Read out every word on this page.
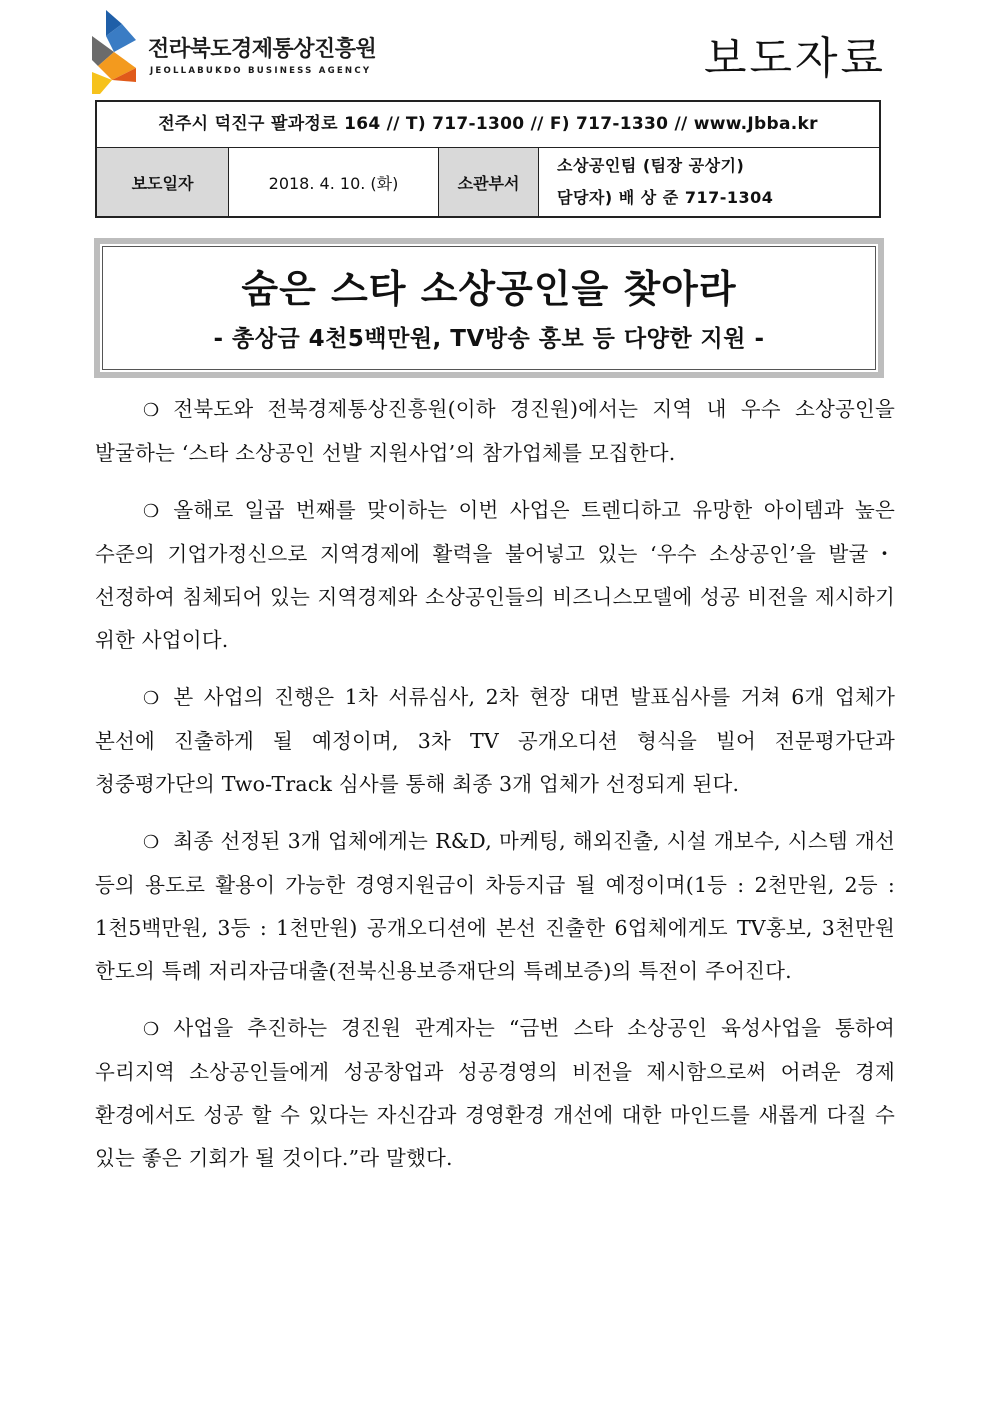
전라북도경제통상진흥원
JEOLLABUKDO BUSINESS AGENCY	보도자료
전주시 덕진구 팔과정로 164 // T) 717-1300 // F) 717-1330 // www.Jbba.kr
보도일자	2018. 4. 10. (화)	소관부서
소상공인팀 (팀장 공상기)
담당자) 배 상 준 717-1304
숨은 스타 소상공인을 찾아라
- 총상금 4천5백만원, TV방송 홍보 등 다양한 지원 -

❍ 전북도와 전북경제통상진흥원(이하 경진원)에서는 지역 내 우수 소상공인을 발굴하는 ‘스타 소상공인 선발 지원사업’의 참가업체를 모집한다.

❍ 올해로 일곱 번째를 맞이하는 이번 사업은 트렌디하고 유망한 아이템과 높은 수준의 기업가정신으로 지역경제에 활력을 불어넣고 있는 ‘우수 소상공인’을 발굴・선정하여 침체되어 있는 지역경제와 소상공인들의 비즈니스모델에 성공 비전을 제시하기 위한 사업이다.

❍ 본 사업의 진행은 1차 서류심사, 2차 현장 대면 발표심사를 거쳐 6개 업체가 본선에 진출하게 될 예정이며, 3차 TV 공개오디션 형식을 빌어 전문평가단과 청중평가단의 Two-Track 심사를 통해 최종 3개 업체가 선정되게 된다.

❍ 최종 선정된 3개 업체에게는 R&D, 마케팅, 해외진출, 시설 개보수, 시스템 개선 등의 용도로 활용이 가능한 경영지원금이 차등지급 될 예정이며(1등 : 2천만원, 2등 : 1천5백만원, 3등 : 1천만원) 공개오디션에 본선 진출한 6업체에게도 TV홍보, 3천만원 한도의 특례 저리자금대출(전북신용보증재단의 특례보증)의 특전이 주어진다.

❍ 사업을 추진하는 경진원 관계자는 “금번 스타 소상공인 육성사업을 통하여 우리지역 소상공인들에게 성공창업과 성공경영의 비전을 제시함으로써 어려운 경제 환경에서도 성공 할 수 있다는 자신감과 경영환경 개선에 대한 마인드를 새롭게 다질 수 있는 좋은 기회가 될 것이다.”라 말했다.
